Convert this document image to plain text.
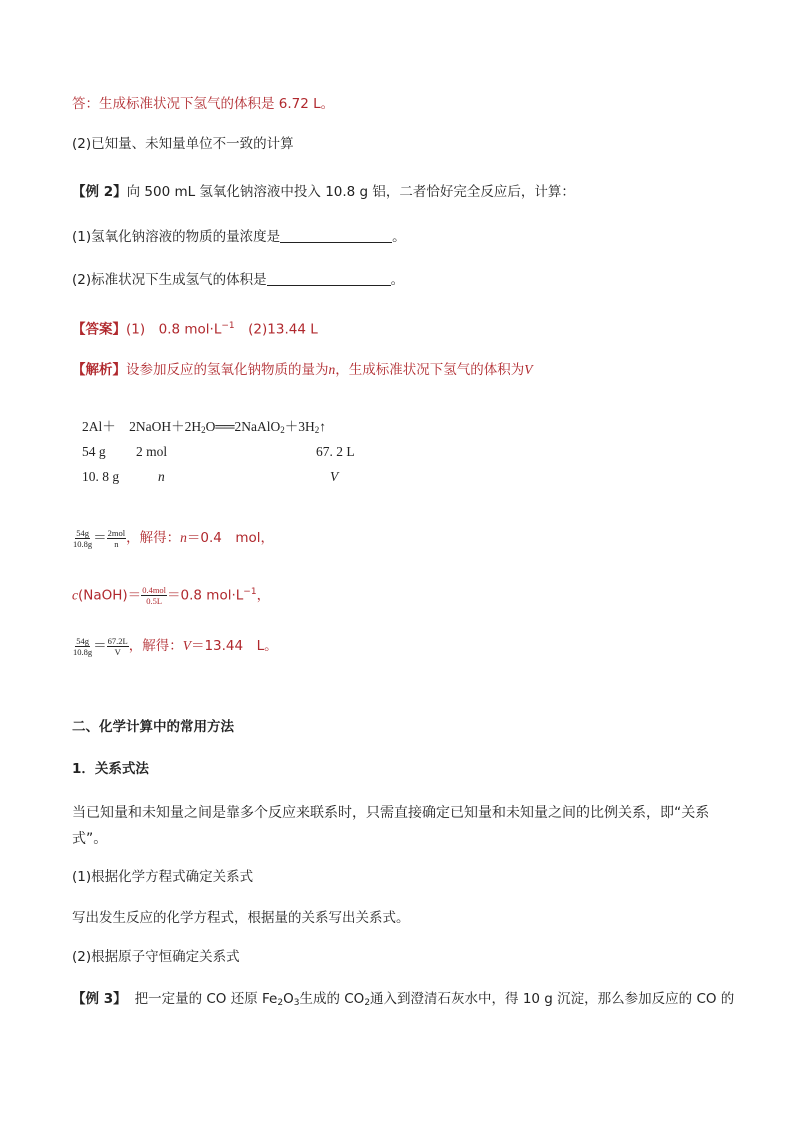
答：生成标准状况下氢气的体积是 6.72 L。
(2)已知量、未知量单位不一致的计算
【例 2】向 500 mL 氢氧化钠溶液中投入 10.8 g 铝，二者恰好完全反应后，计算：
(1)氢氧化钠溶液的物质的量浓度是	。
(2)标准状况下生成氢气的体积是	。
【答案】(1)　0.8 $mol\cdot L^{-1}$　(2)13.44 L
【解析】设参加反应的氢氧化钠物质的量为n，生成标准状况下氢气的体积为V
$2Al+ 2NaOH+2H_2O══2NaAlO_2+3H_2↑$
54 g 2 mol	67. 2 L
10. 8 g	n	V
$\frac{54g}{10.8g} = \frac{\text{2mol}}{n}$ ，解得：n＝0.4　mol，
c(NaOH)＝ $\frac{\text{0.4mol}}{0.5L} =0.8$ $mol\cdot L^{-1}$，
$\frac{54g}{10.8g} = \frac{67.2L}{V}$ ，解得：V＝13.44　L。
二、化学计算中的常用方法
1．关系式法
当已知量和未知量之间是靠多个反应来联系时，只需直接确定已知量和未知量之间的比例关系，即“关系式”。
(1)根据化学方程式确定关系式
写出发生反应的化学方程式，根据量的关系写出关系式。
(2)根据原子守恒确定关系式
【例 3】 把一定量的 CO 还原 $Fe_2O_3$生成的 $CO_2$通入到澄清石灰水中，得 10 g 沉淀，那么参加反应的 CO 的
